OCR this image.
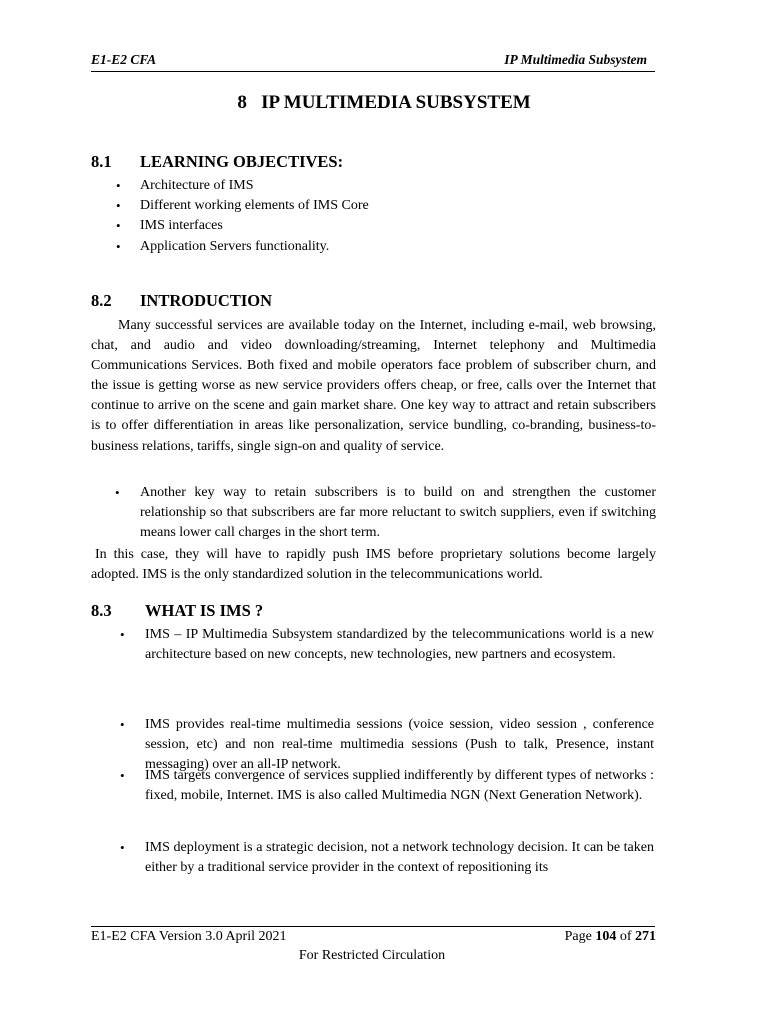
E1-E2 CFA	IP Multimedia Subsystem
8   IP MULTIMEDIA SUBSYSTEM
8.1 LEARNING OBJECTIVES:
• Architecture of IMS
• Different working elements of IMS Core
• IMS interfaces
• Application Servers functionality.
8.2 INTRODUCTION

Many successful services are available today on the Internet, including e-mail, web browsing, chat, and audio and video downloading/streaming, Internet telephony and Multimedia Communications Services. Both fixed and mobile operators face problem of subscriber churn, and the issue is getting worse as new service providers offers cheap, or free, calls over the Internet that continue to arrive on the scene and gain market share. One key way to attract and retain subscribers is to offer differentiation in areas like personalization, service bundling, co-branding, business-to-business relations, tariffs, single sign-on and quality of service.

• Another key way to retain subscribers is to build on and strengthen the customer relationship so that subscribers are far more reluctant to switch suppliers, even if switching means lower call charges in the short term.

In this case, they will have to rapidly push IMS before proprietary solutions become largely adopted. IMS is the only standardized solution in the telecommunications world.

8.3 WHAT IS IMS ?

• IMS – IP Multimedia Subsystem standardized by the telecommunications world is a new architecture based on new concepts, new technologies, new partners and ecosystem.

• IMS provides real-time multimedia sessions (voice session, video session , conference session, etc) and non real-time multimedia sessions (Push to talk, Presence, instant messaging) over an all-IP network.

• IMS targets convergence of services supplied indifferently by different types of networks : fixed, mobile, Internet. IMS is also called Multimedia NGN (Next Generation Network).

• IMS deployment is a strategic decision, not a network technology decision. It can be taken either by a traditional service provider in the context of repositioning its

E1-E2 CFA Version 3.0 April 2021	Page 104 of 271
For Restricted Circulation
